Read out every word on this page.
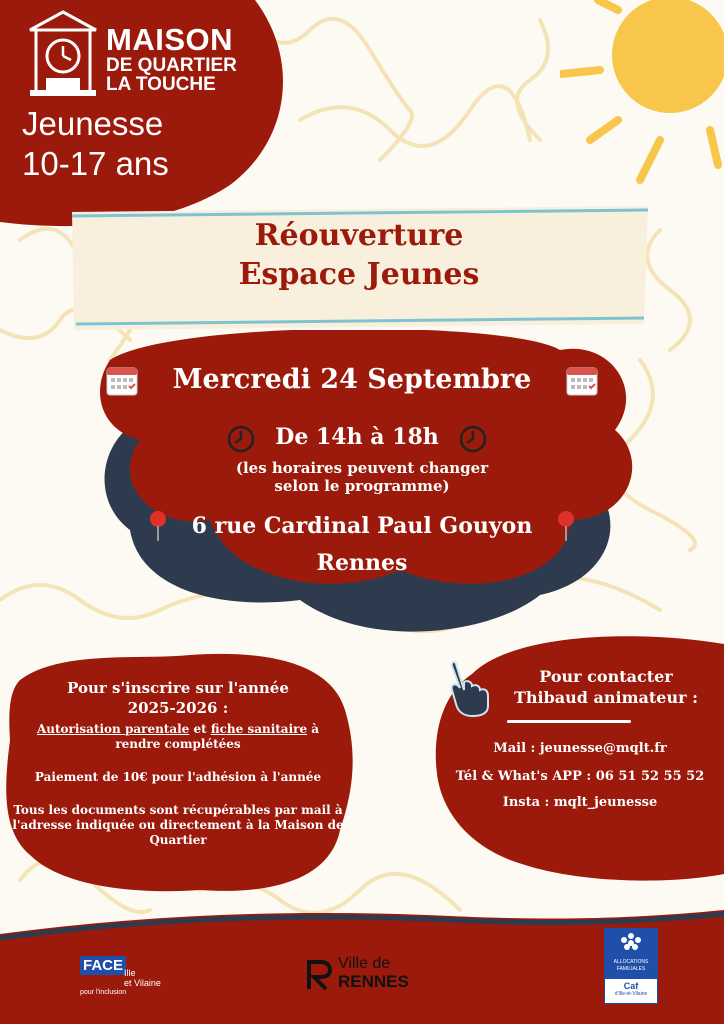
MAISON
DE QUARTIER
LA TOUCHE
Jeunesse
10-17 ans
Réouverture
Espace Jeunes
Mercredi 24 Septembre
De 14h à 18h
(les horaires peuvent changer
selon le programme)
6 rue Cardinal Paul Gouyon
Rennes
Pour s'inscrire sur l'année
2025-2026 :
Autorisation parentale et fiche sanitaire à
rendre complétées
Paiement de 10€ pour l'adhésion à l'année
Tous les documents sont récupérables par mail à
l'adresse indiquée ou directement à la Maison de
Quartier
Pour contacter
Thibaud animateur :
Mail : jeunesse@mqlt.fr
Tél & What's APP : 06 51 52 55 52
Insta : mqlt_jeunesse
FACE Ille
et Vilaine
pour l'inclusion
Ville de
RENNES
ALLOCATIONS
FAMILIALES
Caf
d'Ille-et-Vilaine
